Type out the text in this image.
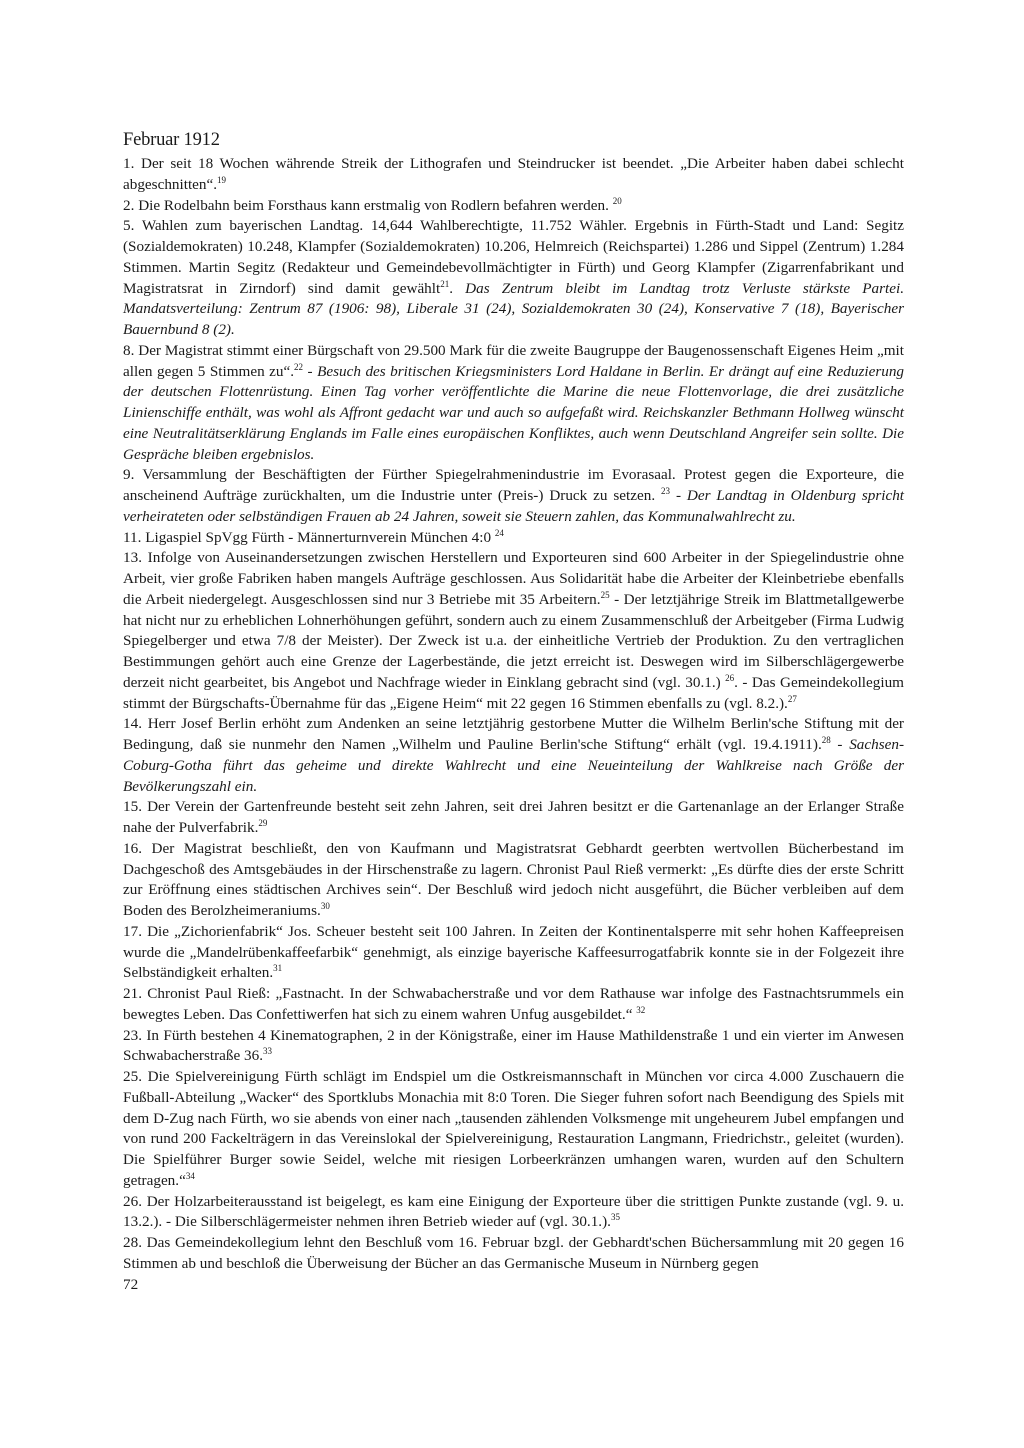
Februar 1912

1. Der seit 18 Wochen währende Streik der Lithografen und Steindrucker ist beendet. „Die Arbeiter haben dabei schlecht abgeschnitten“.$^{19}$

2. Die Rodelbahn beim Forsthaus kann erstmalig von Rodlern befahren werden. $^{20}$

5. Wahlen zum bayerischen Landtag. 14,644 Wahlberechtigte, 11.752 Wähler. Ergebnis in Fürth-Stadt und Land: Segitz (Sozialdemokraten) 10.248, Klampfer (Sozialdemokraten) 10.206, Helmreich (Reichspartei) 1.286 und Sippel (Zentrum) 1.284 Stimmen. Martin Segitz (Redakteur und Gemeindebevollmächtigter in Fürth) und Georg Klampfer (Zigarrenfabrikant und Magistratsrat in Zirndorf) sind damit gewählt$^{21}$. Das Zentrum bleibt im Landtag trotz Verluste stärkste Partei. Mandatsverteilung: Zentrum 87 (1906: 98), Liberale 31 (24), Sozialdemokraten 30 (24), Konservative 7 (18), Bayerischer Bauernbund 8 (2).

8. Der Magistrat stimmt einer Bürgschaft von 29.500 Mark für die zweite Baugruppe der Baugenossenschaft Eigenes Heim „mit allen gegen 5 Stimmen zu“.$^{22}$ - Besuch des britischen Kriegsministers Lord Haldane in Berlin. Er drängt auf eine Reduzierung der deutschen Flottenrüstung. Einen Tag vorher veröffentlichte die Marine die neue Flottenvorlage, die drei zusätzliche Linienschiffe enthält, was wohl als Affront gedacht war und auch so aufgefaßt wird. Reichskanzler Bethmann Hollweg wünscht eine Neutralitätserklärung Englands im Falle eines europäischen Konfliktes, auch wenn Deutschland Angreifer sein sollte. Die Gespräche bleiben ergebnislos.

9. Versammlung der Beschäftigten der Fürther Spiegelrahmenindustrie im Evorasaal. Protest gegen die Exporteure, die anscheinend Aufträge zurückhalten, um die Industrie unter (Preis-) Druck zu setzen. $^{23}$ - Der Landtag in Oldenburg spricht verheirateten oder selbständigen Frauen ab 24 Jahren, soweit sie Steuern zahlen, das Kommunalwahlrecht zu.

11. Ligaspiel SpVgg Fürth - Männerturnverein München 4:0 $^{24}$

13. Infolge von Auseinandersetzungen zwischen Herstellern und Exporteuren sind 600 Arbeiter in der Spiegelindustrie ohne Arbeit, vier große Fabriken haben mangels Aufträge geschlossen. Aus Solidarität habe die Arbeiter der Kleinbetriebe ebenfalls die Arbeit niedergelegt. Ausgeschlossen sind nur 3 Betriebe mit 35 Arbeitern.$^{25}$ - Der letztjährige Streik im Blattmetallgewerbe hat nicht nur zu erheblichen Lohnerhöhungen geführt, sondern auch zu einem Zusammenschluß der Arbeitgeber (Firma Ludwig Spiegelberger und etwa 7/8 der Meister). Der Zweck ist u.a. der einheitliche Vertrieb der Produktion. Zu den vertraglichen Bestimmungen gehört auch eine Grenze der Lagerbestände, die jetzt erreicht ist. Deswegen wird im Silberschlägergewerbe derzeit nicht gearbeitet, bis Angebot und Nachfrage wieder in Einklang gebracht sind (vgl. 30.1.) $^{26}$. - Das Gemeindekollegium stimmt der Bürgschafts-Übernahme für das „Eigene Heim“ mit 22 gegen 16 Stimmen ebenfalls zu (vgl. 8.2.).$^{27}$

14. Herr Josef Berlin erhöht zum Andenken an seine letztjährig gestorbene Mutter die Wilhelm Berlin'sche Stiftung mit der Bedingung, daß sie nunmehr den Namen „Wilhelm und Pauline Berlin'sche Stiftung“ erhält (vgl. 19.4.1911).$^{28}$ - Sachsen-Coburg-Gotha führt das geheime und direkte Wahlrecht und eine Neueinteilung der Wahlkreise nach Größe der Bevölkerungszahl ein.

15. Der Verein der Gartenfreunde besteht seit zehn Jahren, seit drei Jahren besitzt er die Gartenanlage an der Erlanger Straße nahe der Pulverfabrik.$^{29}$

16. Der Magistrat beschließt, den von Kaufmann und Magistratsrat Gebhardt geerbten wertvollen Bücherbestand im Dachgeschoß des Amtsgebäudes in der Hirschenstraße zu lagern. Chronist Paul Rieß vermerkt: „Es dürfte dies der erste Schritt zur Eröffnung eines städtischen Archives sein“. Der Beschluß wird jedoch nicht ausgeführt, die Bücher verbleiben auf dem Boden des Berolzheimeraniums.$^{30}$

17. Die „Zichorienfabrik“ Jos. Scheuer besteht seit 100 Jahren. In Zeiten der Kontinentalsperre mit sehr hohen Kaffeepreisen wurde die „Mandelrübenkaffeefarbik“ genehmigt, als einzige bayerische Kaffeesurrogatfabrik konnte sie in der Folgezeit ihre Selbständigkeit erhalten.$^{31}$

21. Chronist Paul Rieß: „Fastnacht. In der Schwabacherstraße und vor dem Rathause war infolge des Fastnachtsrummels ein bewegtes Leben. Das Confettiwerfen hat sich zu einem wahren Unfug ausgebildet.“ $^{32}$

23. In Fürth bestehen 4 Kinematographen, 2 in der Königstraße, einer im Hause Mathildenstraße 1 und ein vierter im Anwesen Schwabacherstraße 36.33

25. Die Spielvereinigung Fürth schlägt im Endspiel um die Ostkreismannschaft in München vor circa 4.000 Zuschauern die Fußball-Abteilung „Wacker“ des Sportklubs Monachia mit 8:0 Toren. Die Sieger fuhren sofort nach Beendigung des Spiels mit dem D-Zug nach Fürth, wo sie abends von einer nach „tausenden zählenden Volksmenge mit ungeheurem Jubel empfangen und von rund 200 Fackelträgern in das Vereinslokal der Spielvereinigung, Restauration Langmann, Friedrichstr., geleitet (wurden). Die Spielführer Burger sowie Seidel, welche mit riesigen Lorbeerkränzen umhangen waren, wurden auf den Schultern getragen.“$^{34}$

26. Der Holzarbeiterausstand ist beigelegt, es kam eine Einigung der Exporteure über die strittigen Punkte zustande (vgl. 9. u. 13.2.). - Die Silberschlägermeister nehmen ihren Betrieb wieder auf (vgl. 30.1.).$^{35}$

28. Das Gemeindekollegium lehnt den Beschluß vom 16. Februar bzgl. der Gebhardt'schen Büchersammlung mit 20 gegen 16 Stimmen ab und beschloß die Überweisung der Bücher an das Germanische Museum in Nürnberg gegen

72
